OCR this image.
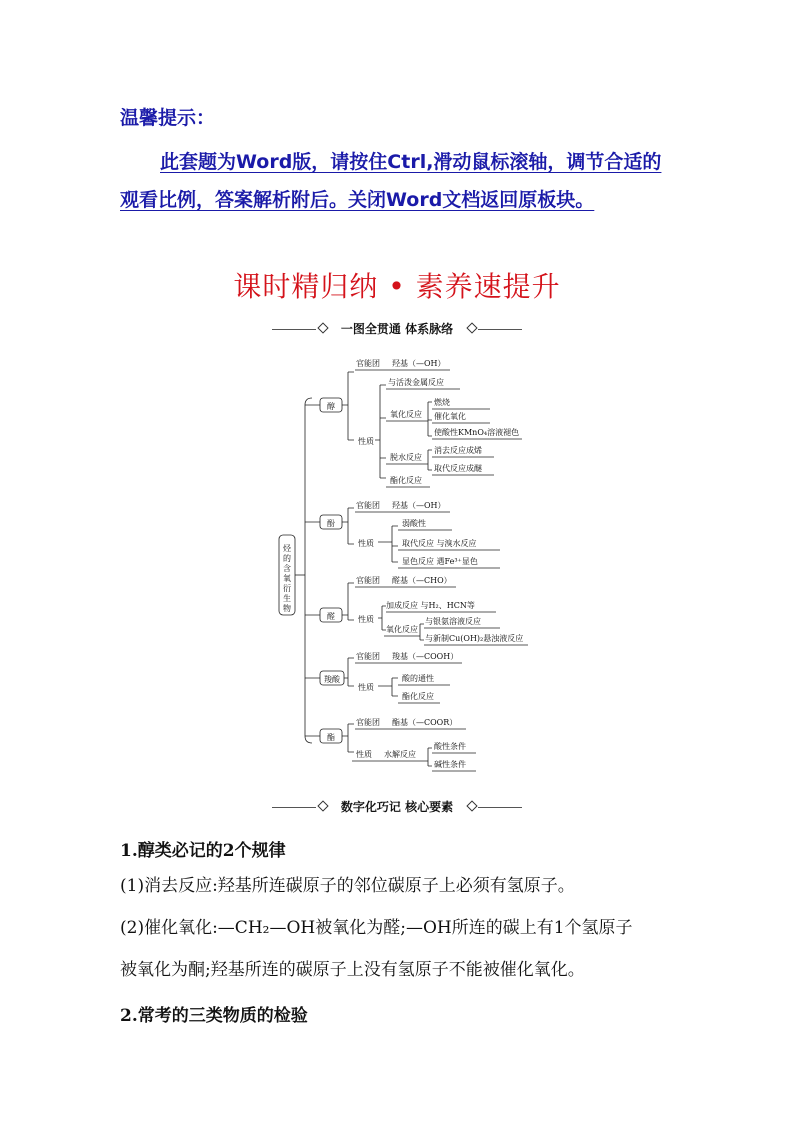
温馨提示：
此套题为Word版，请按住Ctrl,滑动鼠标滚轴，调节合适的观看比例，答案解析附后。关闭Word文档返回原板块。
课时精归纳 • 素养速提升
一图全贯通 体系脉络
烃的含氧衍生物
醇
官能团 羟基（—OH）
性质
与活泼金属反应
氧化反应
燃烧
催化氧化
使酸性KMnO₄溶液褪色
脱水反应
消去反应成烯
取代反应成醚
酯化反应
酚
官能团 羟基（—OH）
性质
弱酸性
取代反应 与溴水反应
显色反应 遇Fe³⁺显色
醛
官能团 醛基（—CHO）
性质
加成反应 与H₂、HCN等
氧化反应
与银氨溶液反应
与新制Cu(OH)₂悬浊液反应
羧酸
官能团 羧基（—COOH）
性质
酸的通性
酯化反应
酯
官能团 酯基（—COOR）
性质 水解反应
酸性条件
碱性条件
数字化巧记 核心要素
1.醇类必记的2个规律
(1)消去反应:羟基所连碳原子的邻位碳原子上必须有氢原子。
(2)催化氧化:—CH₂—OH被氧化为醛;—OH所连的碳上有1个氢原子
被氧化为酮;羟基所连的碳原子上没有氢原子不能被催化氧化。
2.常考的三类物质的检验
